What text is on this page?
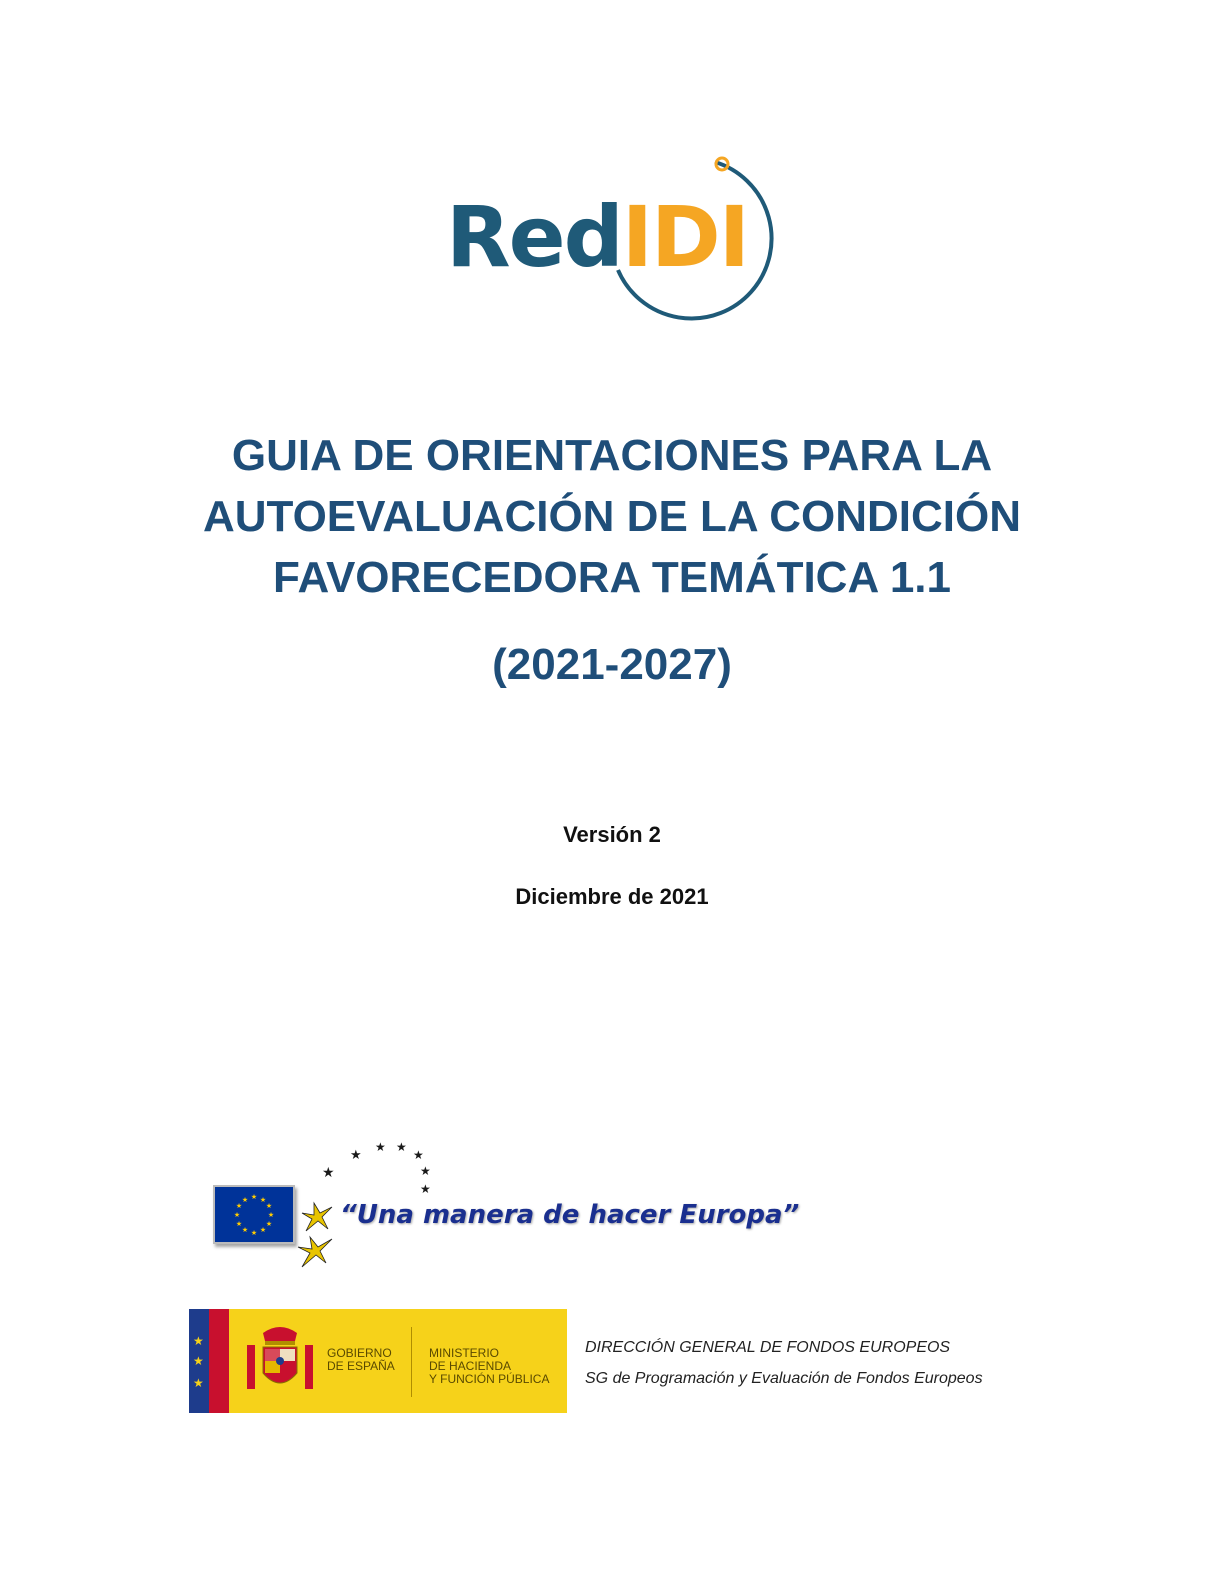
RedIDI
GUIA DE ORIENTACIONES PARA LA
AUTOEVALUACIÓN DE LA CONDICIÓN
FAVORECEDORA TEMÁTICA 1.1
(2021-2027)
Versión 2
Diciembre de 2021
★
★ ★ ★
★
★
★
★ ★
★
★
★
★
★
★
★
★
★
★	“Una manera de hacer Europa”
★
★
★
GOBIERNO
DE ESPAÑA
MINISTERIO
DE HACIENDA
Y FUNCIÓN PÚBLICA
DIRECCIÓN GENERAL DE FONDOS EUROPEOS
SG de Programación y Evaluación de Fondos Europeos
